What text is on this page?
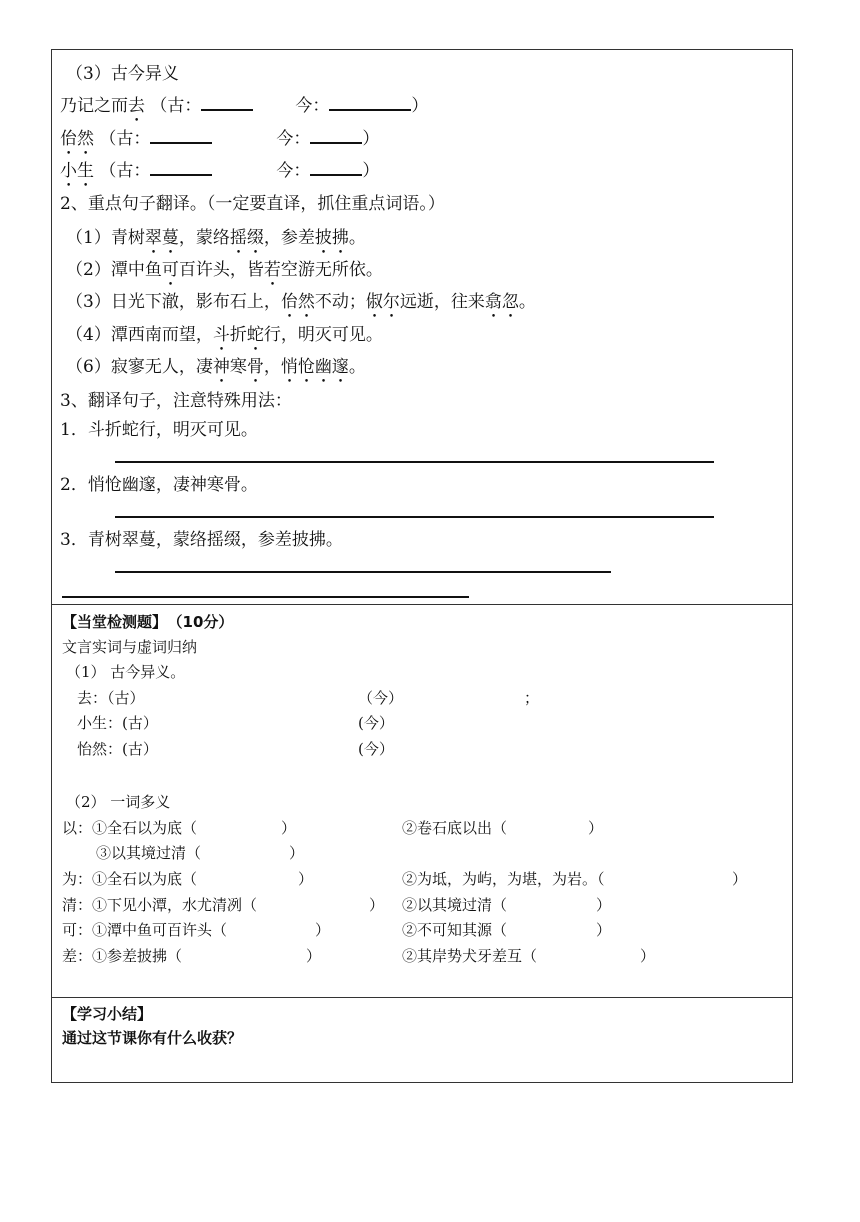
（3）古今异义
乃记之而去 （古：	今：	）
佁然 （古：	今：	）
小生 （古：	今：	）
2、重点句子翻译。（一定要直译，抓住重点词语。）
（1）青树翠蔓，蒙络摇缀，参差披拂。
（2）潭中鱼可百许头，皆若空游无所依。
（3）日光下澈，影布石上，佁然不动；俶尔远逝，往来翕忽。
（4）潭西南而望，斗折蛇行，明灭可见。
（6）寂寥无人，凄神寒骨，悄怆幽邃。
3、翻译句子，注意特殊用法：
1．斗折蛇行，明灭可见。
2．悄怆幽邃，凄神寒骨。
3．青树翠蔓，蒙络摇缀，参差披拂。
【当堂检测题】 （10分）
文言实词与虚词归纳
（1） 古今异义。
去：（古）	（今）	；
小生：(古）	(今）
怡然：(古）	(今）
（2） 一词多义
以：①全石以为底（	）	②卷石底以出（	）
③以其境过清（	）
为：①全石以为底（	）	②为坻，为屿，为堪，为岩。（	）
清：①下见小潭，水尤清冽（	） ②以其境过清（	）
可：①潭中鱼可百许头（	）	②不可知其源（	）
差：①参差披拂（	）	②其岸势犬牙差互（	）
【学习小结】
通过这节课你有什么收获？
